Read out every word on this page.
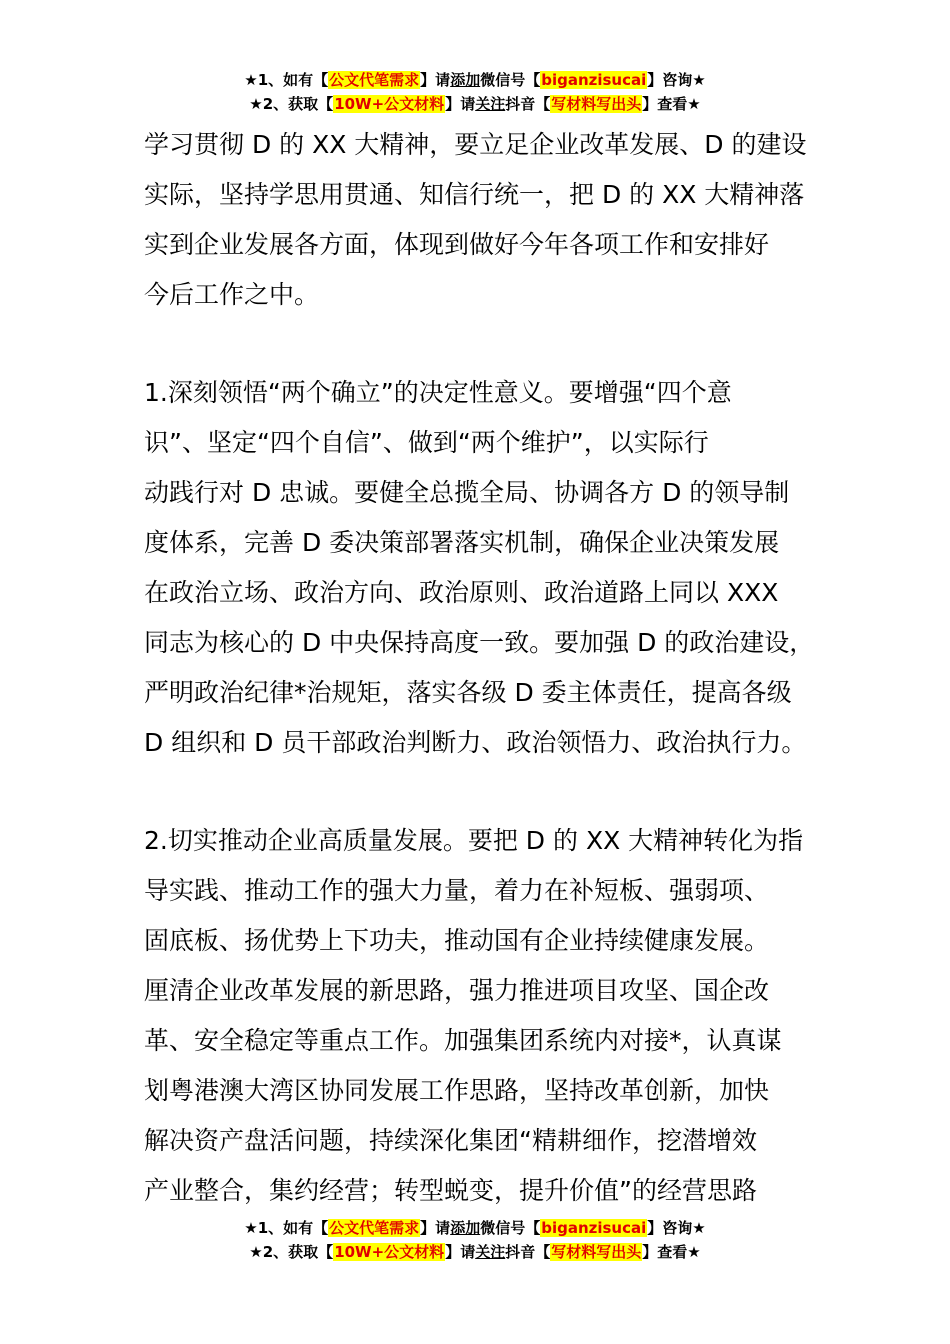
★1、如有【公文代笔需求】请添加微信号【biganzisucai】咨询★
★2、获取【10W+公文材料】请关注抖音【写材料写出头】查看★
学习贯彻 D 的 XX 大精神，要立足企业改革发展、D 的建设
实际，坚持学思用贯通、知信行统一，把 D 的 XX 大精神落
实到企业发展各方面，体现到做好今年各项工作和安排好
今后工作之中。
1.深刻领悟“两个确立”的决定性意义。要增强“四个意
识”、坚定“四个自信”、做到“两个维护”，以实际行
动践行对 D 忠诚。要健全总揽全局、协调各方 D 的领导制
度体系，完善 D 委决策部署落实机制，确保企业决策发展
在政治立场、政治方向、政治原则、政治道路上同以 XXX
同志为核心的 D 中央保持高度一致。要加强 D 的政治建设，
严明政治纪律*治规矩，落实各级 D 委主体责任，提高各级
D 组织和 D 员干部政治判断力、政治领悟力、政治执行力。
2.切实推动企业高质量发展。要把 D 的 XX 大精神转化为指
导实践、推动工作的强大力量，着力在补短板、强弱项、
固底板、扬优势上下功夫，推动国有企业持续健康发展。
厘清企业改革发展的新思路，强力推进项目攻坚、国企改
革、安全稳定等重点工作。加强集团系统内对接*，认真谋
划粤港澳大湾区协同发展工作思路，坚持改革创新，加快
解决资产盘活问题，持续深化集团“精耕细作，挖潜增效
产业整合，集约经营；转型蜕变，提升价值”的经营思路
★1、如有【公文代笔需求】请添加微信号【biganzisucai】咨询★
★2、获取【10W+公文材料】请关注抖音【写材料写出头】查看★
